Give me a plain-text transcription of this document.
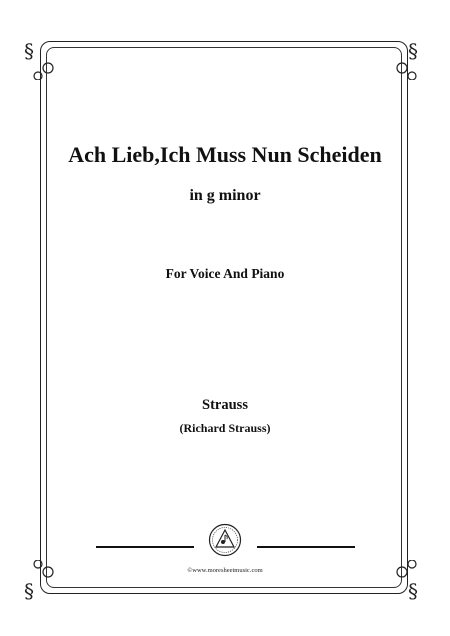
§	§
§	§
Ach Lieb,Ich Muss Nun Scheiden
in g minor
For Voice And Piano
Strauss
(Richard Strauss)
©www.moresheetmusic.com
